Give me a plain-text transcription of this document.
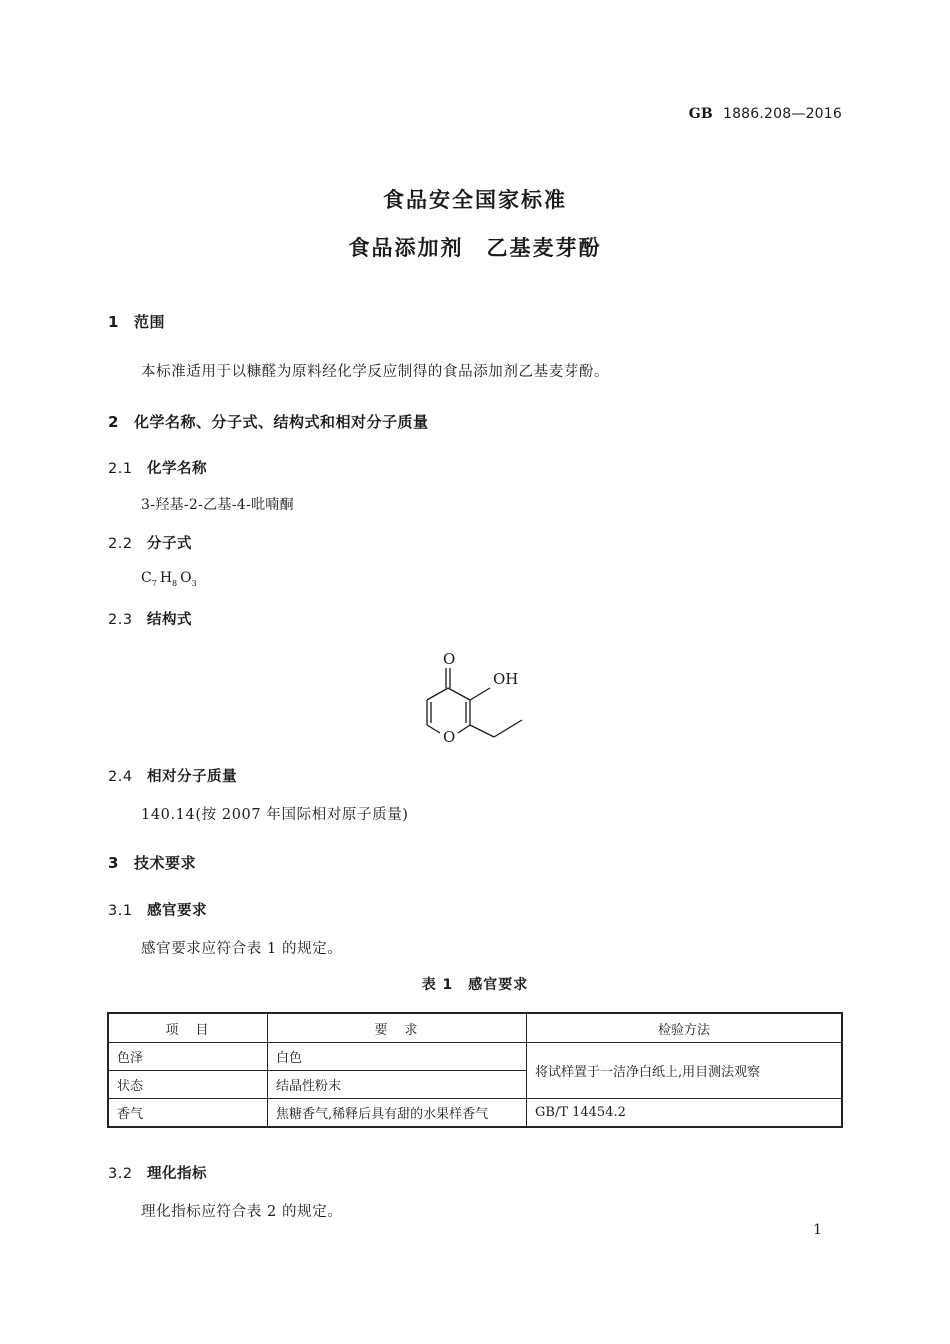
GB 1886.208—2016
食品安全国家标准
食品添加剂　乙基麦芽酚
1 范围
本标准适用于以糠醛为原料经化学反应制得的食品添加剂乙基麦芽酚。
2 化学名称、分子式、结构式和相对分子质量
2.1 化学名称
3-羟基-2-乙基-4-吡喃酮
2.2 分子式
$C_7$ $H_8$ $O_3$
2.3 结构式
O
OH
O
2.4 相对分子质量
140.14(按 2007 年国际相对原子质量)
3 技术要求
3.1 感官要求
感官要求应符合表 1 的规定。
表 1　感官要求
项　目	要　求	检验方法
色泽	白色	将试样置于一洁净白纸上,用目测法观察
状态	结晶性粉末	
香气	焦糖香气,稀释后具有甜的水果样香气	GB/T 14454.2
3.2 理化指标
理化指标应符合表 2 的规定。
1
